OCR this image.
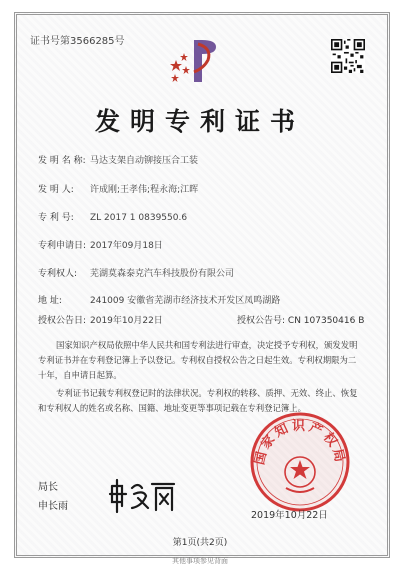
证书号第3566285号
发明专利证书
发 明 名 称: 马达支架自动铆接压合工装
发 明 人: 许成刚;王孝伟;程永海;江晖
专 利 号: ZL 2017 1 0839550.6
专利申请日: 2017年09月18日
专利权人: 芜湖莫森泰克汽车科技股份有限公司
地 址:	241009 安徽省芜湖市经济技术开发区凤鸣湖路
授权公告日: 2019年10月22日	授权公告号: CN 107350416 B
国家知识产权局依照中华人民共和国专利法进行审查，决定授予专利权，颁发发明专利证书并在专利登记簿上予以登记。专利权自授权公告之日起生效。专利权期限为二十年，自申请日起算。
专利证书记载专利权登记时的法律状况。专利权的转移、质押、无效、终止、恢复和专利权人的姓名或名称、国籍、地址变更等事项记载在专利登记簿上。
局长
申长雨
国家知识产权局
2019年10月22日
第1页(共2页)
其他事项参见背面
